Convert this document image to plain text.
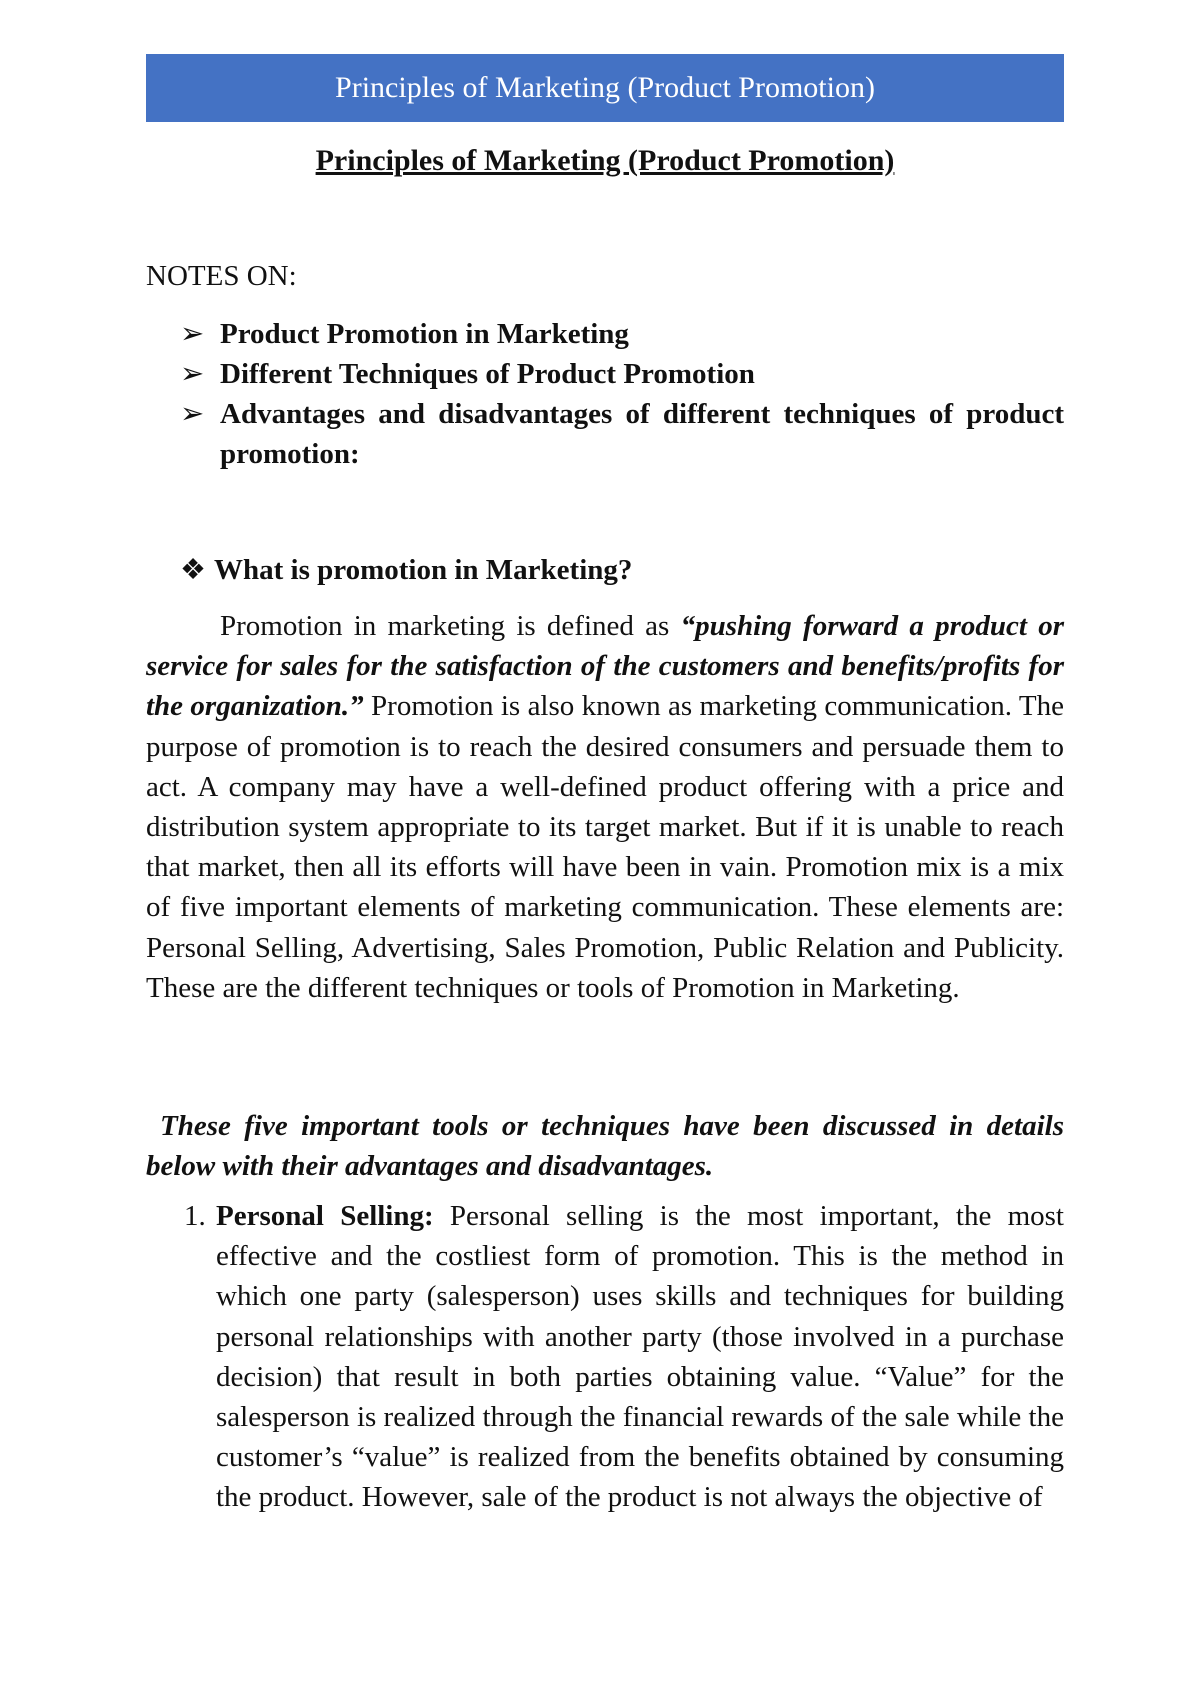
Principles of Marketing (Product Promotion)
Principles of Marketing (Product Promotion)
NOTES ON:
➢ Product Promotion in Marketing
➢ Different Techniques of Product Promotion
➢ Advantages and disadvantages of different techniques of product promotion:
❖ What is promotion in Marketing?

Promotion in marketing is defined as “pushing forward a product or service for sales for the satisfaction of the customers and benefits/profits for the organization.” Promotion is also known as marketing communication. The purpose of promotion is to reach the desired consumers and persuade them to act. A company may have a well-defined product offering with a price and distribution system appropriate to its target market. But if it is unable to reach that market, then all its efforts will have been in vain. Promotion mix is a mix of five important elements of marketing communication. These elements are: Personal Selling, Advertising, Sales Promotion, Public Relation and Publicity. These are the different techniques or tools of Promotion in Marketing.

These five important tools or techniques have been discussed in details below with their advantages and disadvantages.

1. Personal Selling: Personal selling is the most important, the most effective and the costliest form of promotion. This is the method in which one party (salesperson) uses skills and techniques for building personal relationships with another party (those involved in a purchase decision) that result in both parties obtaining value. “Value” for the salesperson is realized through the financial rewards of the sale while the customer’s “value” is realized from the benefits obtained by consuming the product. However, sale of the product is not always the objective of
